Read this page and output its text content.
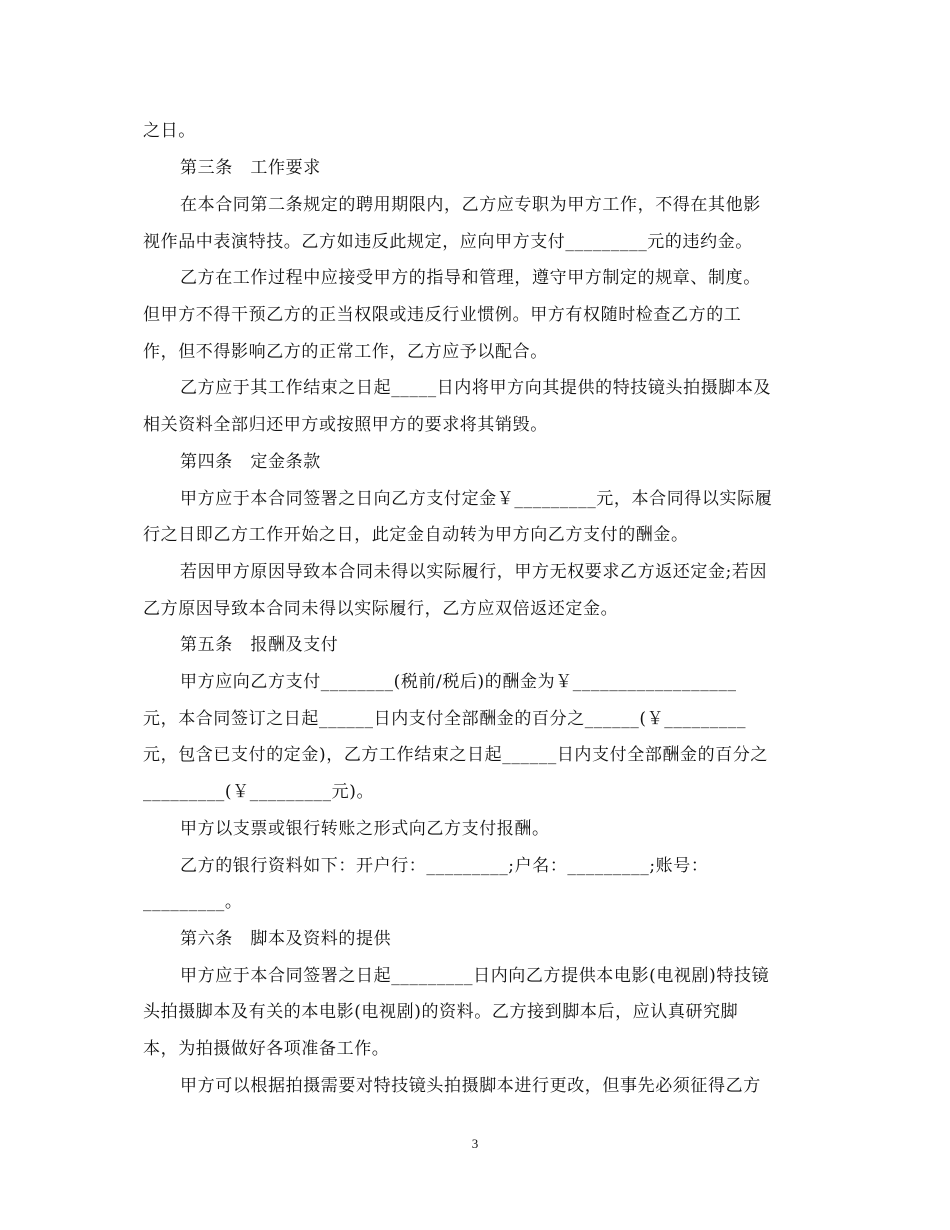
之日。
第三条　工作要求
在本合同第二条规定的聘用期限内，乙方应专职为甲方工作，不得在其他影
视作品中表演特技。乙方如违反此规定，应向甲方支付_________元的违约金。
乙方在工作过程中应接受甲方的指导和管理，遵守甲方制定的规章、制度。
但甲方不得干预乙方的正当权限或违反行业惯例。甲方有权随时检查乙方的工
作，但不得影响乙方的正常工作，乙方应予以配合。
乙方应于其工作结束之日起_____日内将甲方向其提供的特技镜头拍摄脚本及
相关资料全部归还甲方或按照甲方的要求将其销毁。
第四条　定金条款
甲方应于本合同签署之日向乙方支付定金￥_________元，本合同得以实际履
行之日即乙方工作开始之日，此定金自动转为甲方向乙方支付的酬金。
若因甲方原因导致本合同未得以实际履行，甲方无权要求乙方返还定金;若因
乙方原因导致本合同未得以实际履行，乙方应双倍返还定金。
第五条　报酬及支付
甲方应向乙方支付________(税前/税后)的酬金为￥__________________
元，本合同签订之日起______日内支付全部酬金的百分之______(￥_________
元，包含已支付的定金)，乙方工作结束之日起______日内支付全部酬金的百分之
_________(￥_________元)。
甲方以支票或银行转账之形式向乙方支付报酬。
乙方的银行资料如下：开户行：_________;户名：_________;账号：
_________。
第六条　脚本及资料的提供
甲方应于本合同签署之日起_________日内向乙方提供本电影(电视剧)特技镜
头拍摄脚本及有关的本电影(电视剧)的资料。乙方接到脚本后，应认真研究脚
本，为拍摄做好各项准备工作。
甲方可以根据拍摄需要对特技镜头拍摄脚本进行更改，但事先必须征得乙方
3
